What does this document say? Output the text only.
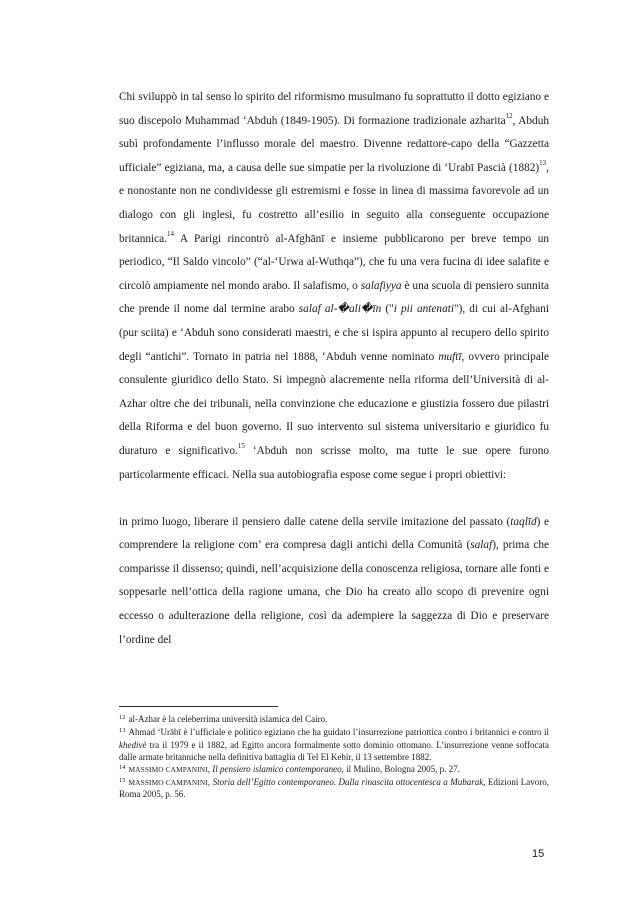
Chi sviluppò in tal senso lo spirito del riformismo musulmano fu soprattutto il dotto egiziano e suo discepolo Muhammad ‘Abduh (1849-1905). Di formazione tradizionale azharita$^{12}$, Abduh subì profondamente l’influsso morale del maestro. Divenne redattore-capo della “Gazzetta ufficiale” egiziana, ma, a causa delle sue simpatie per la rivoluzione di ‘Urabī Pascià $(1882)^{13}$, e nonostante non ne condividesse gli estremismi e fosse in linea di massima favorevole ad un dialogo con gli inglesi, fu costretto all’esilio in seguito alla conseguente occupazione britannica.$^{14}$ A Parigi rincontrò al-Afghānī e insieme pubblicarono per breve tempo un periodico, “Il Saldo vincolo” (“al-‘Urwa al-Wuthqa”), che fu una vera fucina di idee salafite e circolò ampiamente nel mondo arabo. Il salafismo, o salafiyya è una scuola di pensiero sunnita che prende il nome dal termine arabo salaf al-�ali�īn ("i pii antenati"), di cui al-Afghani (pur sciita) e ‘Abduh sono considerati maestri, e che si ispira appunto al recupero dello spirito degli “antichi”. Tornato in patria nel 1888, ‘Abduh venne nominato muftī, ovvero principale consulente giuridico dello Stato. Si impegnò alacremente nella riforma dell’Università di al-Azhar oltre che dei tribunali, nella convinzione che educazione e giustizia fossero due pilastri della Riforma e del buon governo. Il suo intervento sul sistema universitario e giuridico fu duraturo e significativo.$^{15}$ ‘Abduh non scrisse molto, ma tutte le sue opere furono particolarmente efficaci. Nella sua autobiografia espose come segue i propri obiettivi:

in primo luogo, liberare il pensiero dalle catene della servile imitazione del passato (taqlīd) e comprendere la religione com’ era compresa dagli antichi della Comunità (salaf), prima che comparisse il dissenso; quindi, nell’acquisizione della conoscenza religiosa, tornare alle fonti e soppesarle nell’ottica della ragione umana, che Dio ha creato allo scopo di prevenire ogni eccesso o adulterazione della religione, così da adempiere la saggezza di Dio e preservare l’ordine del

$^{12}$ al-Azhar è la celeberrima università islamica del Cairo.

$^{13}$ Ahmad ‘Urābī è l’ufficiale e politico egiziano che ha guidato l’insurrezione patriottica contro i britannici e contro il khedivè tra il 1979 e il 1882, ad Egitto ancora formalmente sotto dominio ottomano. L’insurrezione venne soffocata dalle armate britanniche nella definitiva battaglia di Tel El Kebir, il 13 settembre 1882.

$^{14}$ MASSIMO CAMPANINI, Il pensiero islamico contemporaneo, il Mulino, Bologna 2005, p. 27.

$^{15}$ MASSIMO CAMPANINI, Storia dell’Egitto contemporaneo. Dalla rinascita ottocentesca a Mubarak, Edizioni Lavoro, Roma 2005, p. 56.

15
